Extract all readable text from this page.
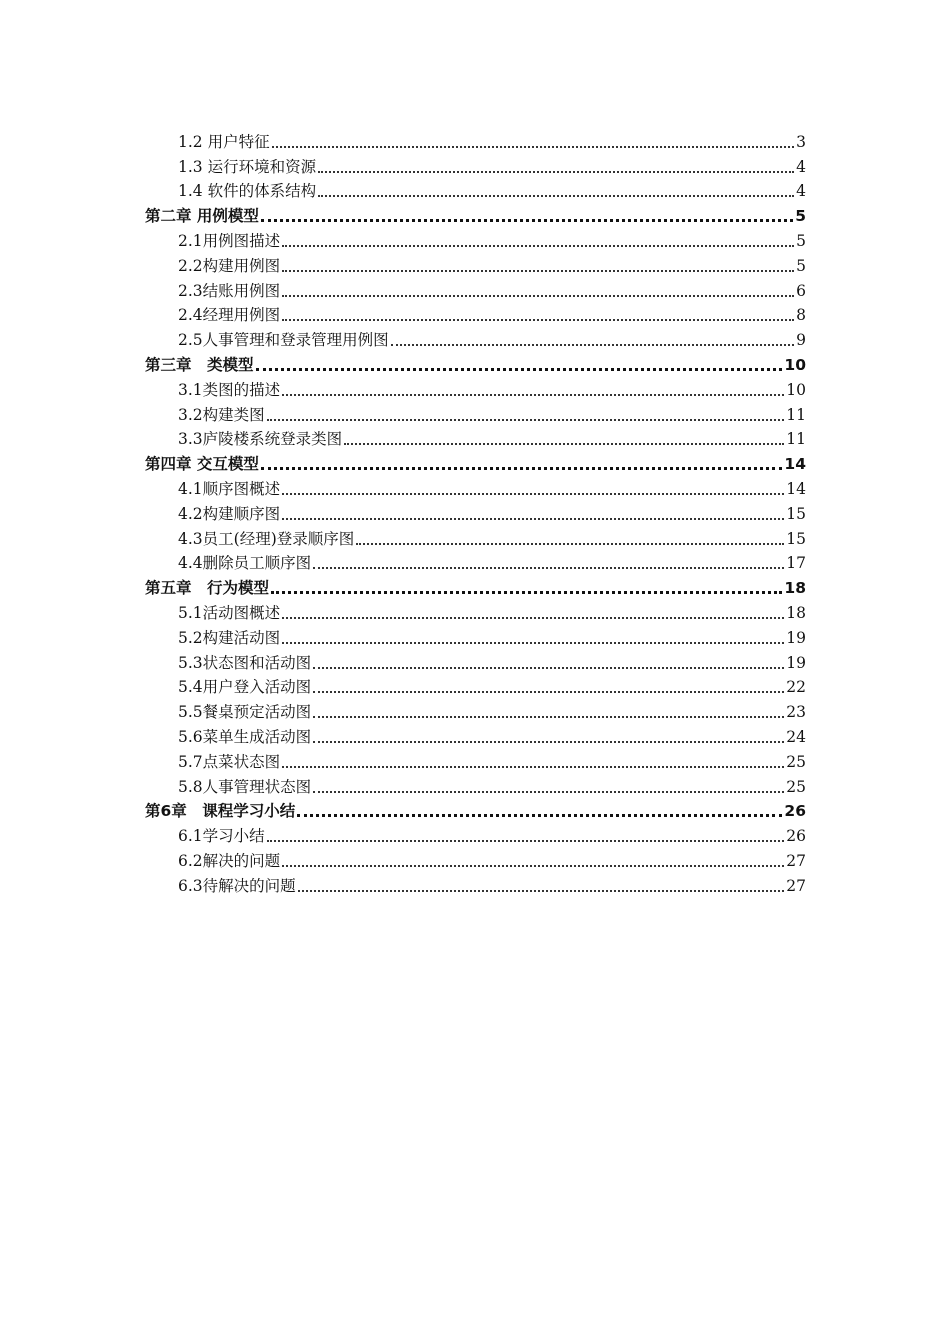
1.2 用户特征	3
1.3 运行环境和资源	4
1.4 软件的体系结构	4
第二章 用例模型	5
2.1用例图描述	5
2.2构建用例图	5
2.3结账用例图	6
2.4经理用例图	8
2.5人事管理和登录管理用例图	9
第三章　类模型	10
3.1类图的描述	10
3.2构建类图	11
3.3庐陵楼系统登录类图	11
第四章 交互模型	14
4.1顺序图概述	14
4.2构建顺序图	15
4.3员工(经理)登录顺序图	15
4.4删除员工顺序图	17
第五章　行为模型	18
5.1活动图概述	18
5.2构建活动图	19
5.3状态图和活动图	19
5.4用户登入活动图	22
5.5餐桌预定活动图	23
5.6菜单生成活动图	24
5.7点菜状态图	25
5.8人事管理状态图	25
第6章　课程学习小结	26
6.1学习小结	26
6.2解决的问题	27
6.3待解决的问题	27
